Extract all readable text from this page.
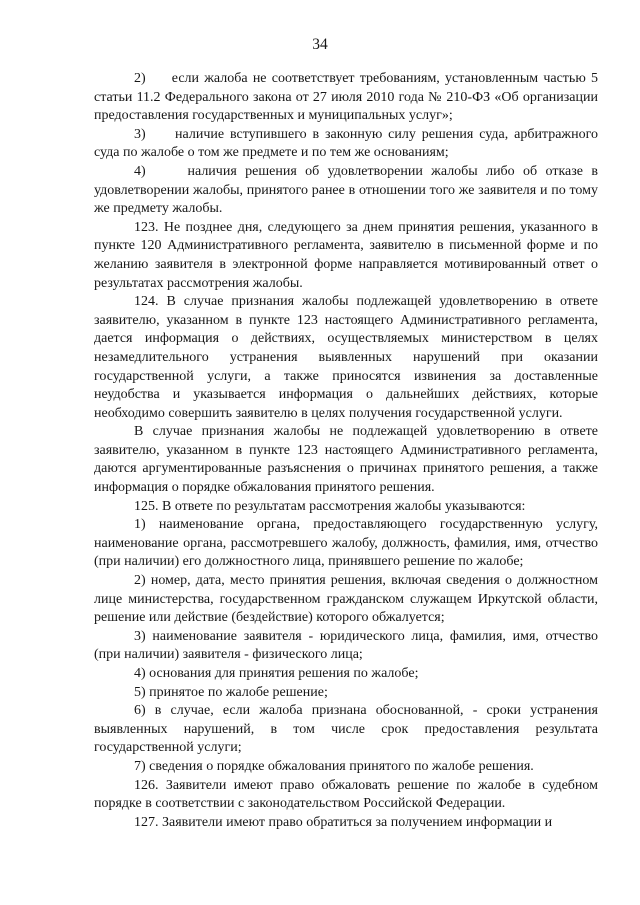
34

2)     если жалоба не соответствует требованиям, установленным частью 5 статьи 11.2 Федерального закона от 27 июля 2010 года № 210-ФЗ «Об организации предоставления государственных и муниципальных услуг»;

3)     наличие вступившего в законную силу решения суда, арбитражного суда по жалобе о том же предмете и по тем же основаниям;

4)     наличия решения об удовлетворении жалобы либо об отказе в удовлетворении жалобы, принятого ранее в отношении того же заявителя и по тому же предмету жалобы.

123. Не позднее дня, следующего за днем принятия решения, указанного в пункте 120 Административного регламента, заявителю в письменной форме и по желанию заявителя в электронной форме направляется мотивированный ответ о результатах рассмотрения жалобы.

124. В случае признания жалобы подлежащей удовлетворению в ответе заявителю, указанном в пункте 123 настоящего Административного регламента, дается информация о действиях, осуществляемых министерством в целях незамедлительного устранения выявленных нарушений при оказании государственной услуги, а также приносятся извинения за доставленные неудобства и указывается информация о дальнейших действиях, которые необходимо совершить заявителю в целях получения государственной услуги.

В случае признания жалобы не подлежащей удовлетворению в ответе заявителю, указанном в пункте 123 настоящего Административного регламента, даются аргументированные разъяснения о причинах принятого решения, а также информация о порядке обжалования принятого решения.

125. В ответе по результатам рассмотрения жалобы указываются:

1) наименование органа, предоставляющего государственную услугу, наименование органа, рассмотревшего жалобу, должность, фамилия, имя, отчество (при наличии) его должностного лица, принявшего решение по жалобе;

2) номер, дата, место принятия решения, включая сведения о должностном лице министерства, государственном гражданском служащем Иркутской области, решение или действие (бездействие) которого обжалуется;

3) наименование заявителя - юридического лица, фамилия, имя, отчество (при наличии) заявителя - физического лица;

4) основания для принятия решения по жалобе;

5) принятое по жалобе решение;

6) в случае, если жалоба признана обоснованной, - сроки устранения выявленных нарушений, в том числе срок предоставления результата государственной услуги;

7) сведения о порядке обжалования принятого по жалобе решения.

126. Заявители имеют право обжаловать решение по жалобе в судебном порядке в соответствии с законодательством Российской Федерации.

127. Заявители имеют право обратиться за получением информации и
